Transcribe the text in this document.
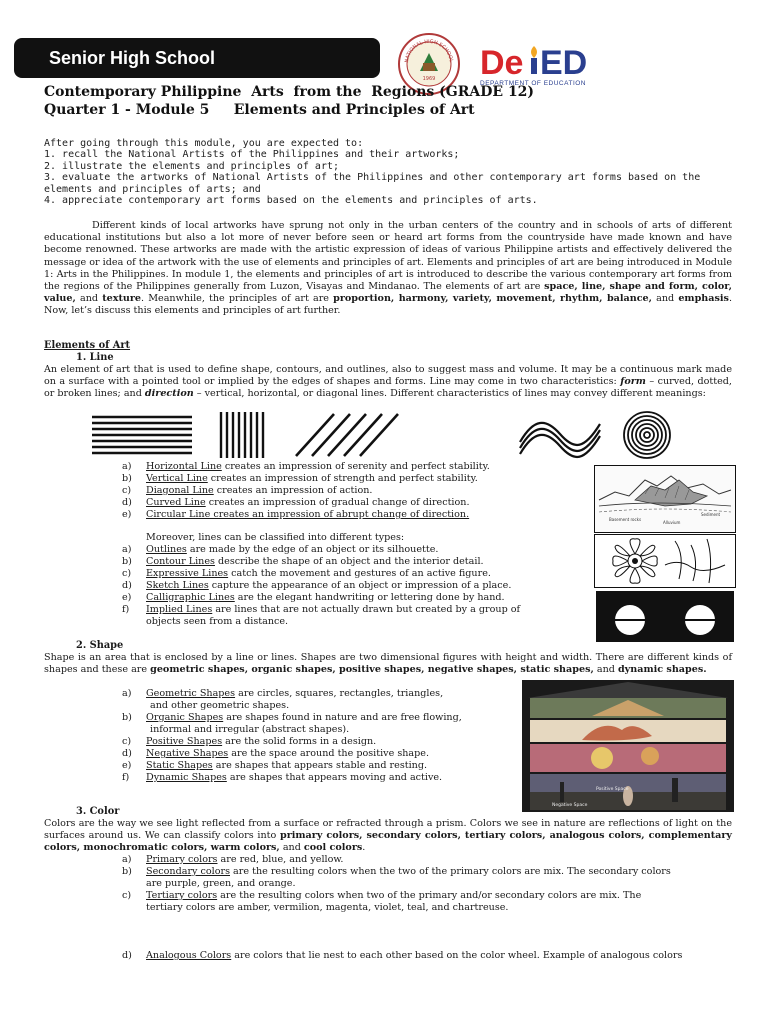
Senior High School	NATIONAL HIGH SCHOOL
1969 De ED
DEPARTMENT OF EDUCATION
Contemporary Philippine  Arts  from the  Regions (GRADE 12)
Quarter 1 - Module 5     Elements and Principles of Art
After going through this module, you are expected to:
1. recall the National Artists of the Philippines and their artworks;
2. illustrate the elements and principles of art;
3. evaluate the artworks of National Artists of the Philippines and other contemporary art forms based on the
elements and principles of arts; and
4. appreciate contemporary art forms based on the elements and principles of arts.
Different kinds of local artworks have sprung not only in the urban centers of the country and in schools of arts of different educational institutions but also a lot more of never before seen or heard art forms from the countryside have made known and have become renowned. These artworks are made with the artistic expression of ideas of various Philippine artists and effectively delivered the message or idea of the artwork with the use of elements and principles of art. Elements and principles of art are being introduced in Module 1: Arts in the Philippines. In module 1, the elements and principles of art is introduced to describe the various contemporary art forms from the regions of the Philippines generally from Luzon, Visayas and Mindanao. The elements of art are space, line, shape and form, color, value, and texture. Meanwhile, the principles of art are proportion, harmony, variety, movement, rhythm, balance, and emphasis. Now, let’s discuss this elements and principles of art further.
Elements of Art
1. Line
An element of art that is used to define shape, contours, and outlines, also to suggest mass and volume. It may be a continuous mark made on a surface with a pointed tool or implied by the edges of shapes and forms. Line may come in two characteristics: form – curved, dotted, or broken lines; and direction – vertical, horizontal, or diagonal lines. Different characteristics of lines may convey different meanings:
a)	Horizontal Line creates an impression of serenity and perfect stability.
b)	Vertical Line creates an impression of strength and perfect stability.
c)	Diagonal Line creates an impression of action.
d)	Curved Line creates an impression of gradual change of direction.
e)	Circular Line creates an impression of abrupt change of direction.	Basement rocks
Alluvium
Sediment
Moreover, lines can be classified into different types:
a)	Outlines are made by the edge of an object or its silhouette.
b)	Contour Lines describe the shape of an object and the interior detail.
c)	Expressive Lines catch the movement and gestures of an active figure.
d)	Sketch Lines capture the appearance of an object or impression of a place.
e)	Calligraphic Lines are the elegant handwriting or lettering done by hand.
f)	Implied Lines are lines that are not actually drawn but created by a group of
objects seen from a distance.
2. Shape
Shape is an area that is enclosed by a line or lines. Shapes are two dimensional figures with height and width. There are different kinds of shapes and these are geometric shapes, organic shapes, positive shapes, negative shapes, static shapes, and dynamic shapes.
a)	Geometric Shapes are circles, squares, rectangles, triangles,
and other geometric shapes.
b)	Organic Shapes are shapes found in nature and are free flowing,
informal and irregular (abstract shapes).
c)	Positive Shapes are the solid forms in a design.
d)	Negative Shapes are the space around the positive shape.
e)	Static Shapes are shapes that appears stable and resting.
f)	Dynamic Shapes are shapes that appears moving and active.
Positive Space
Negative Space
3. Color
Colors are the way we see light reflected from a surface or refracted through a prism. Colors we see in nature are reflections of light on the surfaces around us. We can classify colors into primary colors, secondary colors, tertiary colors, analogous colors, complementary colors, monochromatic colors, warm colors, and cool colors.
a)	Primary colors are red, blue, and yellow.
b)	Secondary colors are the resulting colors when the two of the primary colors are mix. The secondary colors
are purple, green, and orange.
c)	Tertiary colors are the resulting colors when two of the primary and/or secondary colors are mix. The
tertiary colors are amber, vermilion, magenta, violet, teal, and chartreuse.
d)	Analogous Colors are colors that lie nest to each other based on the color wheel. Example of analogous colors
